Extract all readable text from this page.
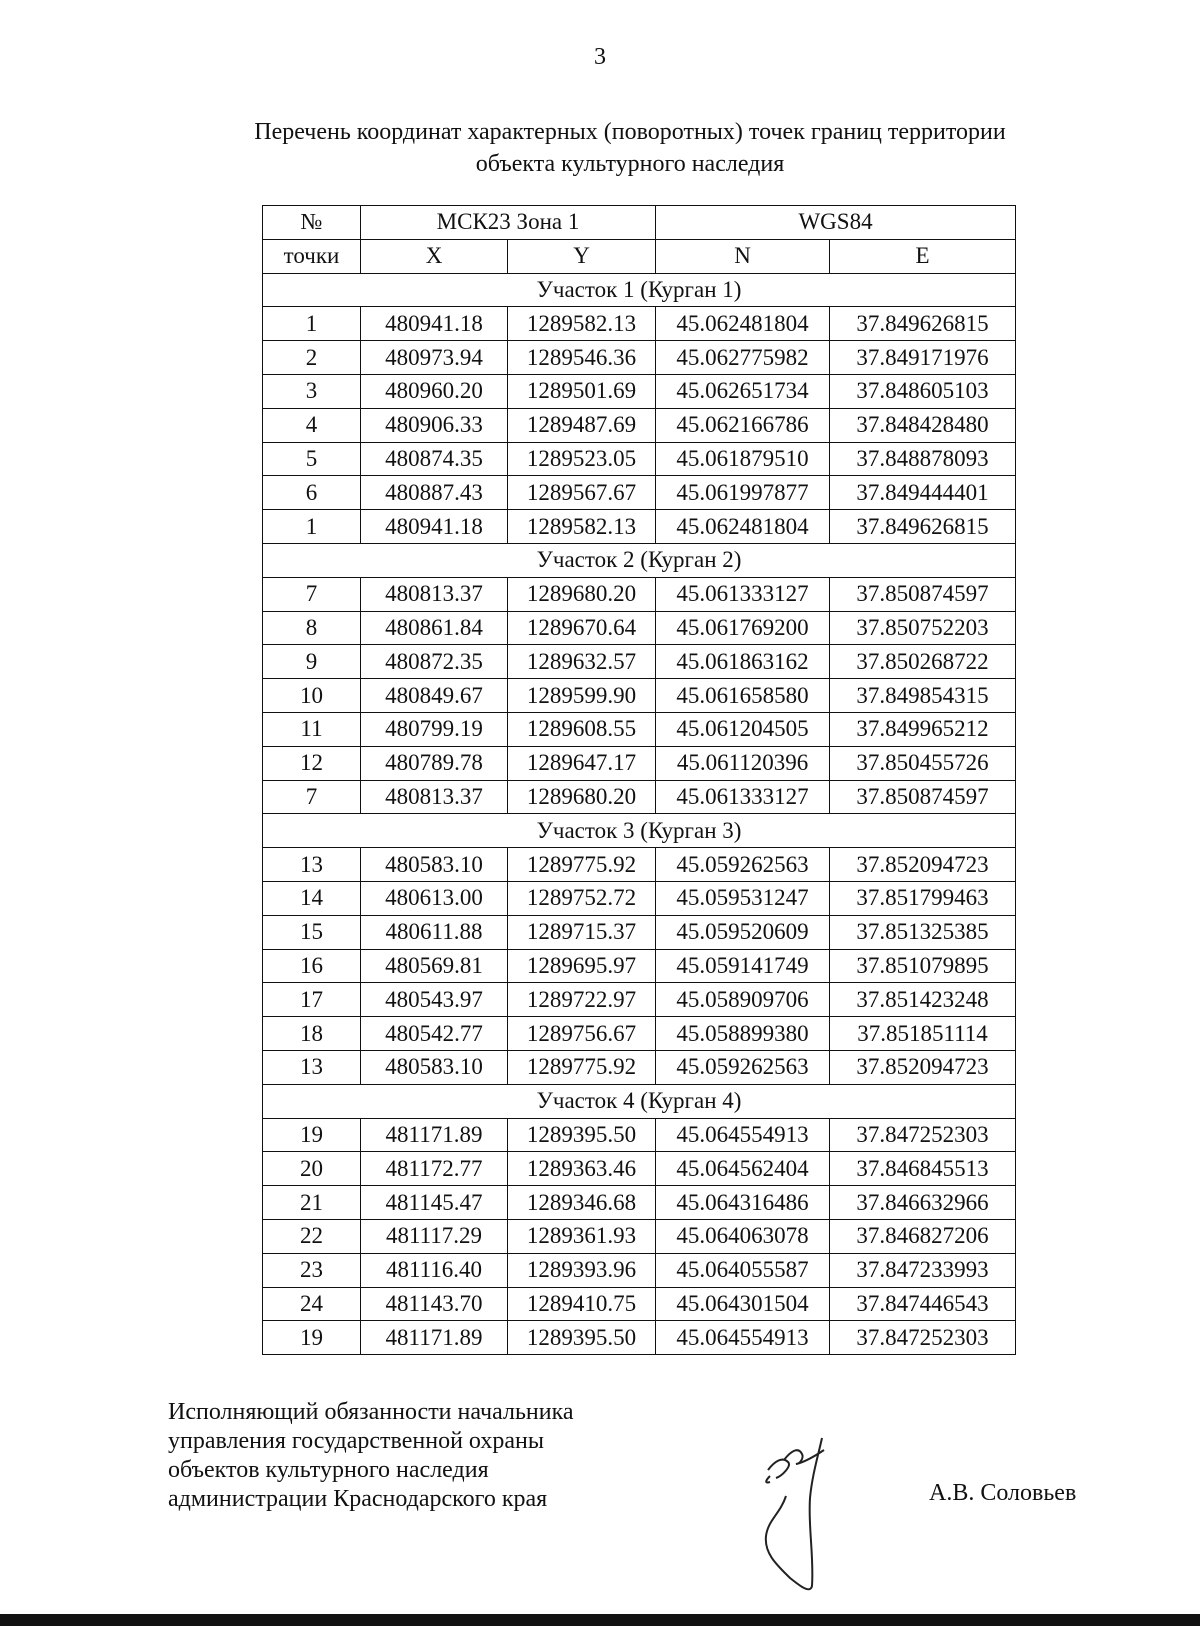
3
Перечень координат характерных (поворотных) точек границ территории
объекта культурного наследия
№	МСК23 Зона 1		WGS84	
точки	X	Y	N	E
Участок 1 (Курган 1)				
1	480941.18	1289582.13	45.062481804	37.849626815
2	480973.94	1289546.36	45.062775982	37.849171976
3	480960.20	1289501.69	45.062651734	37.848605103
4	480906.33	1289487.69	45.062166786	37.848428480
5	480874.35	1289523.05	45.061879510	37.848878093
6	480887.43	1289567.67	45.061997877	37.849444401
1	480941.18	1289582.13	45.062481804	37.849626815
Участок 2 (Курган 2)				
7	480813.37	1289680.20	45.061333127	37.850874597
8	480861.84	1289670.64	45.061769200	37.850752203
9	480872.35	1289632.57	45.061863162	37.850268722
10	480849.67	1289599.90	45.061658580	37.849854315
11	480799.19	1289608.55	45.061204505	37.849965212
12	480789.78	1289647.17	45.061120396	37.850455726
7	480813.37	1289680.20	45.061333127	37.850874597
Участок 3 (Курган 3)				
13	480583.10	1289775.92	45.059262563	37.852094723
14	480613.00	1289752.72	45.059531247	37.851799463
15	480611.88	1289715.37	45.059520609	37.851325385
16	480569.81	1289695.97	45.059141749	37.851079895
17	480543.97	1289722.97	45.058909706	37.851423248
18	480542.77	1289756.67	45.058899380	37.851851114
13	480583.10	1289775.92	45.059262563	37.852094723
Участок 4 (Курган 4)				
19	481171.89	1289395.50	45.064554913	37.847252303
20	481172.77	1289363.46	45.064562404	37.846845513
21	481145.47	1289346.68	45.064316486	37.846632966
22	481117.29	1289361.93	45.064063078	37.846827206
23	481116.40	1289393.96	45.064055587	37.847233993
24	481143.70	1289410.75	45.064301504	37.847446543
19	481171.89	1289395.50	45.064554913	37.847252303
Исполняющий обязанности начальника
управления государственной охраны
объектов культурного наследия
администрации Краснодарского края	А.В. Соловьев
